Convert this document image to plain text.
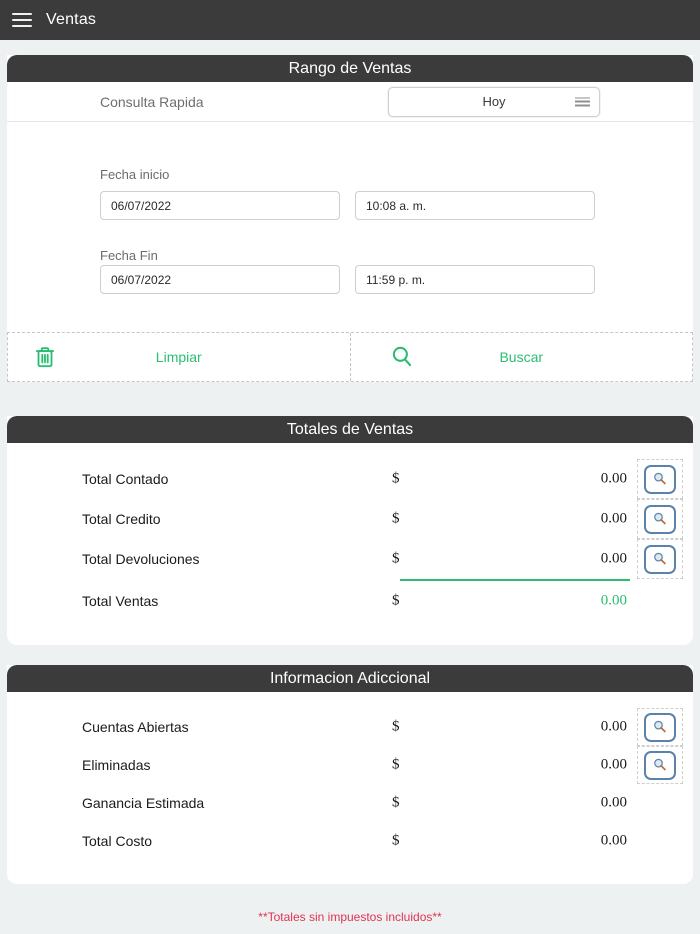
Ventas
Rango de Ventas
Consulta Rapida	Hoy
Fecha inicio
06/07/2022
10:08 a. m.
Fecha Fin
06/07/2022
11:59 p. m.
Limpiar	Buscar
Totales de Ventas
Total Contado	$	0.00
Total Credito	$	0.00
Total Devoluciones	$	0.00
Total Ventas	$	0.00
Informacion Adiccional
Cuentas Abiertas	$	0.00
Eliminadas	$	0.00
Ganancia Estimada	$	0.00
Total Costo	$	0.00
**Totales sin impuestos incluidos**
